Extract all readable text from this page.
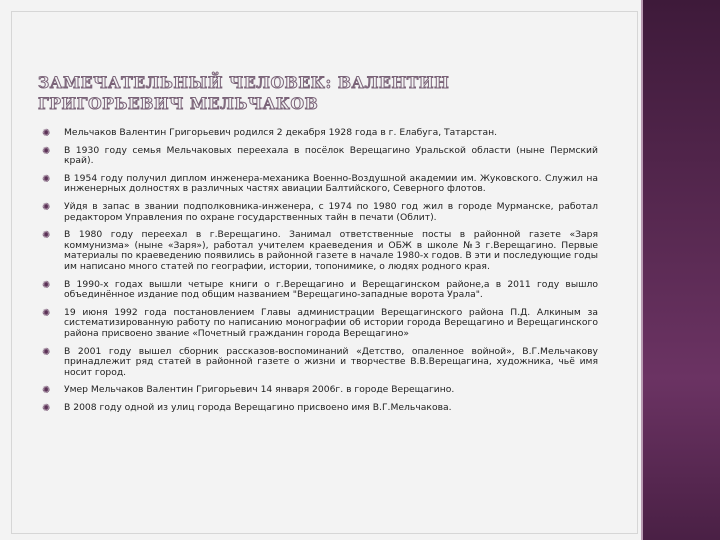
ЗАМЕЧАТЕЛЬНЫЙ ЧЕЛОВЕК: ВАЛЕНТИН ГРИГОРЬЕВИЧ МЕЛЬЧАКОВ
✺ Мельчаков Валентин Григорьевич родился 2 декабря 1928 года в г. Елабуга, Татарстан.
✺ В 1930 году семья Мельчаковых переехала в посёлок Верещагино Уральской области (ныне Пермский край).
✺ В 1954 году получил диплом инженера-механика Военно-Воздушной академии им. Жуковского. Служил на инженерных долностях в различных частях авиации Балтийского, Северного флотов.
✺ Уйдя в запас в звании подполковника-инженера, с 1974 по 1980 год жил в городе Мурманске, работал редактором Управления по охране государственных тайн в печати (Облит).
✺ В 1980 году переехал в г.Верещагино. Занимал ответственные посты в районной газете «Заря коммунизма» (ныне «Заря»), работал учителем краеведения и ОБЖ в школе №3 г.Верещагино. Первые материалы по краеведению появились в районной газете в начале 1980-х годов. В эти и последующие годы им написано много статей по географии, истории, топонимике, о людях родного края.
✺ В 1990-х годах вышли четыре книги о г.Верещагино и Верещагинском районе,а в 2011 году вышло объединённое издание под общим названием "Верещагино-западные ворота Урала".
✺ 19 июня 1992 года постановлением Главы администрации Верещагинского района П.Д. Алкиным за систематизированную работу по написанию монографии об истории города Верещагино и Верещагинского района присвоено звание «Почетный гражданин города Верещагино»
✺ В 2001 году вышел сборник рассказов-воспоминаний «Детство, опаленное войной», В.Г.Мельчакову принадлежит ряд статей в районной газете о жизни и творчестве В.В.Верещагина, художника, чьё имя носит город.
✺ Умер Мельчаков Валентин Григорьевич 14 января 2006г. в городе Верещагино.
✺ В 2008 году одной из улиц города Верещагино присвоено имя В.Г.Мельчакова.
